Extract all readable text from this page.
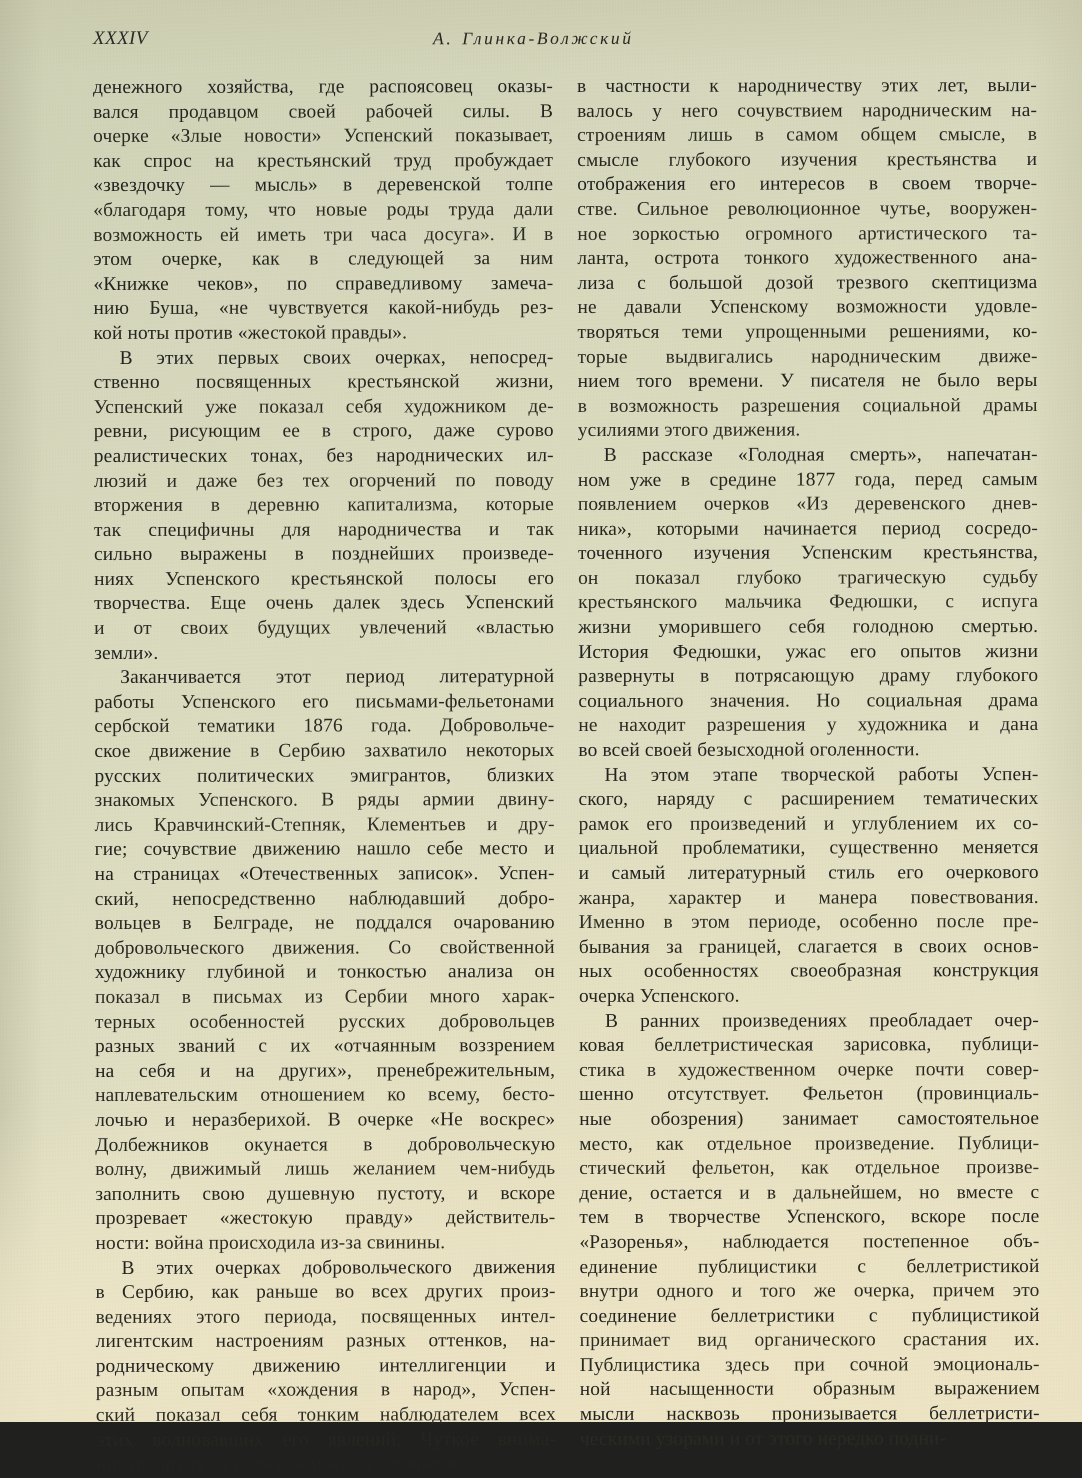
XXXIV	А. Глинка-Волжский
денежного хозяйства, где распоясовец оказы-
вался продавцом своей рабочей силы. В
очерке «Злые новости» Успенский показывает,
как спрос на крестьянский труд пробуждает
«звездочку — мысль» в деревенской толпе
«благодаря тому, что новые роды труда дали
возможность ей иметь три часа досуга». И в
этом очерке, как в следующей за ним
«Книжке чеков», по справедливому замеча-
нию Буша, «не чувствуется какой-нибудь рез-
кой ноты против «жестокой правды».
В этих первых своих очерках, непосред-
ственно посвященных крестьянской жизни,
Успенский уже показал себя художником де-
ревни, рисующим ее в строго, даже сурово
реалистических тонах, без народнических ил-
люзий и даже без тех огорчений по поводу
вторжения в деревню капитализма, которые
так специфичны для народничества и так
сильно выражены в позднейших произведе-
ниях Успенского крестьянской полосы его
творчества. Еще очень далек здесь Успенский
и от своих будущих увлечений «властью
земли».
Заканчивается этот период литературной
работы Успенского его письмами-фельетонами
сербской тематики 1876 года. Добровольче-
ское движение в Сербию захватило некоторых
русских политических эмигрантов, близких
знакомых Успенского. В ряды армии двину-
лись Кравчинский-Степняк, Клементьев и дру-
гие; сочувствие движению нашло себе место и
на страницах «Отечественных записок». Успен-
ский, непосредственно наблюдавший добро-
вольцев в Белграде, не поддался очарованию
добровольческого движения. Со свойственной
художнику глубиной и тонкостью анализа он
показал в письмах из Сербии много харак-
терных особенностей русских добровольцев
разных званий с их «отчаянным воззрением
на себя и на других», пренебрежительным,
наплевательским отношением ко всему, бесто-
лочью и неразберихой. В очерке «Не воскрес»
Долбежников окунается в добровольческую
волну, движимый лишь желанием чем-нибудь
заполнить свою душевную пустоту, и вскоре
прозревает «жестокую правду» действитель-
ности: война происходила из-за свинины.
В этих очерках добровольческого движения
в Сербию, как раньше во всех других произ-
ведениях этого периода, посвященных интел-
лигентским настроениям разных оттенков, на-
родническому движению интеллигенции и
разным опытам «хождения в народ», Успен-
ский показал себя тонким наблюдателем всех
этих волновавших его явлений. Чуткое внима-
ние писателя ко всему, чем жило его время,
в частности к народничеству этих лет, выли-
валось у него сочувствием народническим на-
строениям лишь в самом общем смысле, в
смысле глубокого изучения крестьянства и
отображения его интересов в своем творче-
стве. Сильное революционное чутье, вооружен-
ное зоркостью огромного артистического та-
ланта, острота тонкого художественного ана-
лиза с большой дозой трезвого скептицизма
не давали Успенскому возможности удовле-
творяться теми упрощенными решениями, ко-
торые выдвигались народническим движе-
нием того времени. У писателя не было веры
в возможность разрешения социальной драмы
усилиями этого движения.
В рассказе «Голодная смерть», напечатан-
ном уже в средине 1877 года, перед самым
появлением очерков «Из деревенского днев-
ника», которыми начинается период сосредо-
точенного изучения Успенским крестьянства,
он показал глубоко трагическую судьбу
крестьянского мальчика Федюшки, с испуга
жизни уморившего себя голодною смертью.
История Федюшки, ужас его опытов жизни
развернуты в потрясающую драму глубокого
социального значения. Но социальная драма
не находит разрешения у художника и дана
во всей своей безысходной оголенности.
На этом этапе творческой работы Успен-
ского, наряду с расширением тематических
рамок его произведений и углублением их со-
циальной проблематики, существенно меняется
и самый литературный стиль его очеркового
жанра, характер и манера повествования.
Именно в этом периоде, особенно после пре-
бывания за границей, слагается в своих основ-
ных особенностях своеобразная конструкция
очерка Успенского.
В ранних произведениях преобладает очер-
ковая беллетристическая зарисовка, публици-
стика в художественном очерке почти совер-
шенно отсутствует. Фельетон (провинциаль-
ные обозрения) занимает самостоятельное
место, как отдельное произведение. Публици-
стический фельетон, как отдельное произве-
дение, остается и в дальнейшем, но вместе с
тем в творчестве Успенского, вскоре после
«Разоренья», наблюдается постепенное объ-
единение публицистики с беллетристикой
внутри одного и того же очерка, причем это
соединение беллетристики с публицистикой
принимает вид органического срастания их.
Публицистика здесь при сочной эмоциональ-
ной насыщенности образным выражением
мысли насквозь пронизывается беллетристи-
ческими узорами и от этого нередко подни-
